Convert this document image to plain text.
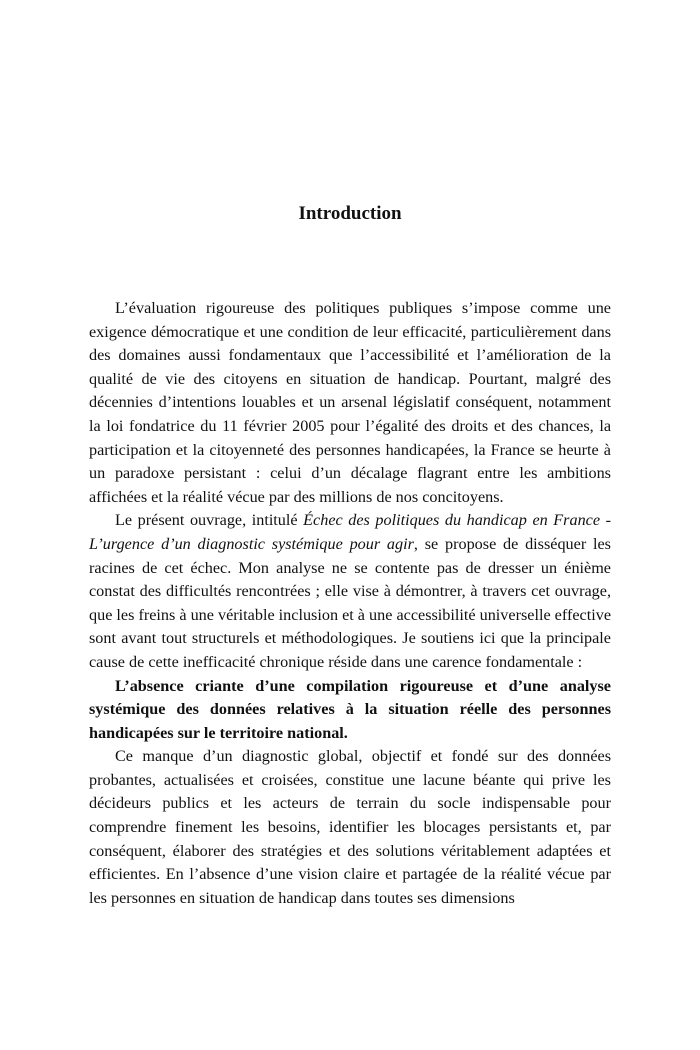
Introduction

L’évaluation rigoureuse des politiques publiques s’impose comme une exigence démocratique et une condition de leur efficacité, particulièrement dans des domaines aussi fondamentaux que l’accessibilité et l’amélioration de la qualité de vie des citoyens en situation de handicap. Pourtant, malgré des décennies d’intentions louables et un arsenal législatif conséquent, notamment la loi fondatrice du 11 février 2005 pour l’égalité des droits et des chances, la participation et la citoyenneté des personnes handicapées, la France se heurte à un paradoxe persistant : celui d’un décalage flagrant entre les ambitions affichées et la réalité vécue par des millions de nos concitoyens.

Le présent ouvrage, intitulé Échec des politiques du handicap en France - L’urgence d’un diagnostic systémique pour agir, se propose de disséquer les racines de cet échec. Mon analyse ne se contente pas de dresser un énième constat des difficultés rencontrées ; elle vise à démontrer, à travers cet ouvrage, que les freins à une véritable inclusion et à une accessibilité universelle effective sont avant tout structurels et méthodologiques. Je soutiens ici que la principale cause de cette inefficacité chronique réside dans une carence fondamentale :

L’absence criante d’une compilation rigoureuse et d’une analyse systémique des données relatives à la situation réelle des personnes handicapées sur le territoire national.

Ce manque d’un diagnostic global, objectif et fondé sur des données probantes, actualisées et croisées, constitue une lacune béante qui prive les décideurs publics et les acteurs de terrain du socle indispensable pour comprendre finement les besoins, identifier les blocages persistants et, par conséquent, élaborer des stratégies et des solutions véritablement adaptées et efficientes. En l’absence d’une vision claire et partagée de la réalité vécue par les personnes en situation de handicap dans toutes ses dimensions
